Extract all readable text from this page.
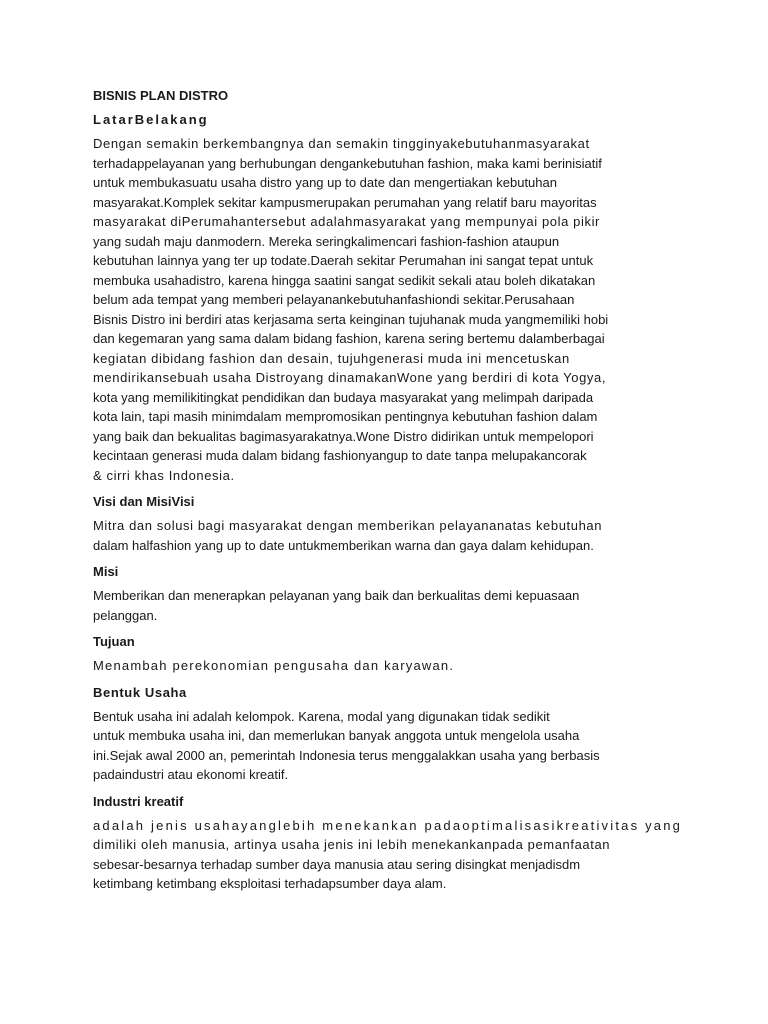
BISNIS PLAN DISTRO
LatarBelakang
Dengan semakin berkembangnya dan semakin tingginyakebutuhanmasyarakat
terhadappelayanan yang berhubungan dengankebutuhan fashion, maka kami berinisiatif
untuk membukasuatu usaha distro yang up to date dan mengertiakan kebutuhan
masyarakat.Komplek sekitar kampusmerupakan perumahan yang relatif baru mayoritas
masyarakat diPerumahantersebut adalahmasyarakat yang mempunyai pola pikir
yang sudah maju danmodern. Mereka seringkalimencari fashion-fashion ataupun
kebutuhan lainnya yang ter up todate.Daerah sekitar Perumahan ini sangat tepat untuk
membuka usahadistro, karena hingga saatini sangat sedikit sekali atau boleh dikatakan
belum ada tempat yang memberi pelayanankebutuhanfashiondi sekitar.Perusahaan
Bisnis Distro ini berdiri atas kerjasama serta keinginan tujuhanak muda yangmemiliki hobi
dan kegemaran yang sama dalam bidang fashion, karena sering bertemu dalamberbagai
kegiatan dibidang fashion dan desain, tujuhgenerasi muda ini mencetuskan
mendirikansebuah usaha Distroyang dinamakanWone yang berdiri di kota Yogya,
kota yang memilikitingkat pendidikan dan budaya masyarakat yang melimpah daripada
kota lain, tapi masih minimdalam mempromosikan pentingnya kebutuhan fashion dalam
yang baik dan bekualitas bagimasyarakatnya.Wone Distro didirikan untuk mempelopori
kecintaan generasi muda dalam bidang fashionyangup to date tanpa melupakancorak
& cirri khas Indonesia.
Visi dan MisiVisi
Mitra dan solusi bagi masyarakat dengan memberikan pelayananatas kebutuhan
dalam halfashion yang up to date untukmemberikan warna dan gaya dalam kehidupan.
Misi
Memberikan dan menerapkan pelayanan yang baik dan berkualitas demi kepuasaan
pelanggan.
Tujuan
Menambah perekonomian pengusaha dan karyawan.
Bentuk Usaha
Bentuk usaha ini adalah kelompok. Karena, modal yang digunakan tidak sedikit
untuk membuka usaha ini, dan memerlukan banyak anggota untuk mengelola usaha
ini.Sejak awal 2000 an, pemerintah Indonesia terus menggalakkan usaha yang berbasis
padaindustri atau ekonomi kreatif.
Industri kreatif
adalah jenis usahayanglebih menekankan padaoptimalisasikreativitas yang
dimiliki oleh manusia, artinya usaha jenis ini lebih menekankanpada pemanfaatan
sebesar-besarnya terhadap sumber daya manusia atau sering disingkat menjadisdm
ketimbang ketimbang eksploitasi terhadapsumber daya alam.
